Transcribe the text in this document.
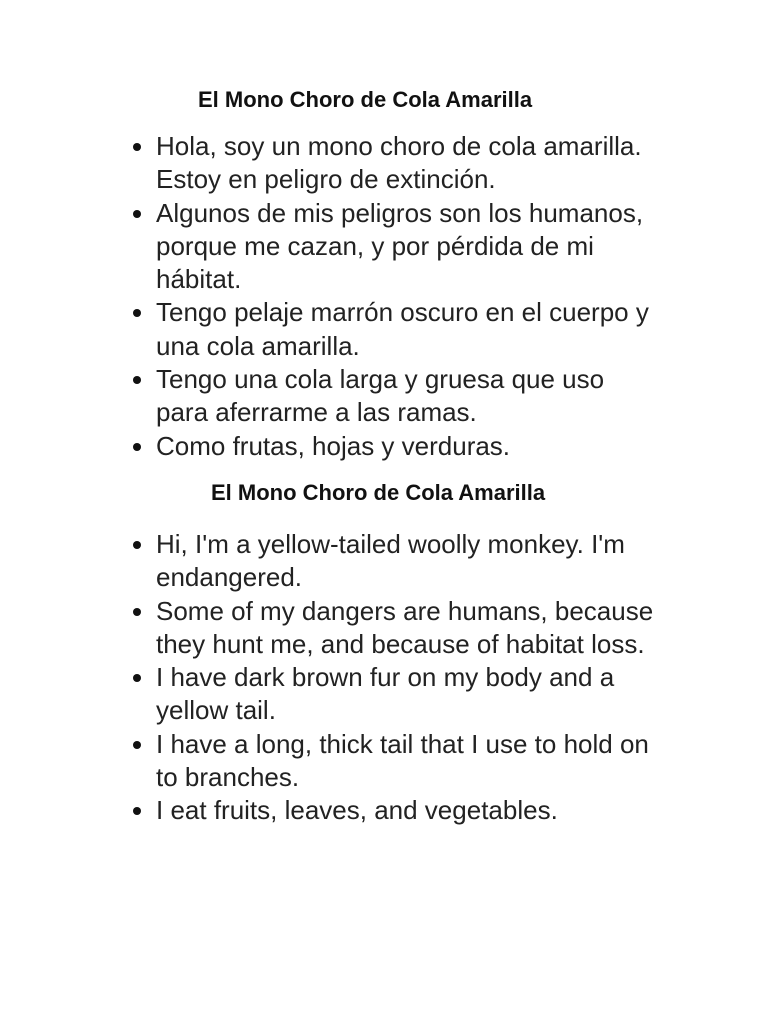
El Mono Choro de Cola Amarilla
Hola, soy un mono choro de cola amarilla. Estoy en peligro de extinción.
Algunos de mis peligros son los humanos, porque me cazan, y por pérdida de mi hábitat.
Tengo pelaje marrón oscuro en el cuerpo y una cola amarilla.
Tengo una cola larga y gruesa que uso para aferrarme a las ramas.
Como frutas, hojas y verduras.
El Mono Choro de Cola Amarilla
Hi, I'm a yellow-tailed woolly monkey. I'm endangered.
Some of my dangers are humans, because they hunt me, and because of habitat loss.
I have dark brown fur on my body and a yellow tail.
I have a long, thick tail that I use to hold on to branches.
I eat fruits, leaves, and vegetables.
